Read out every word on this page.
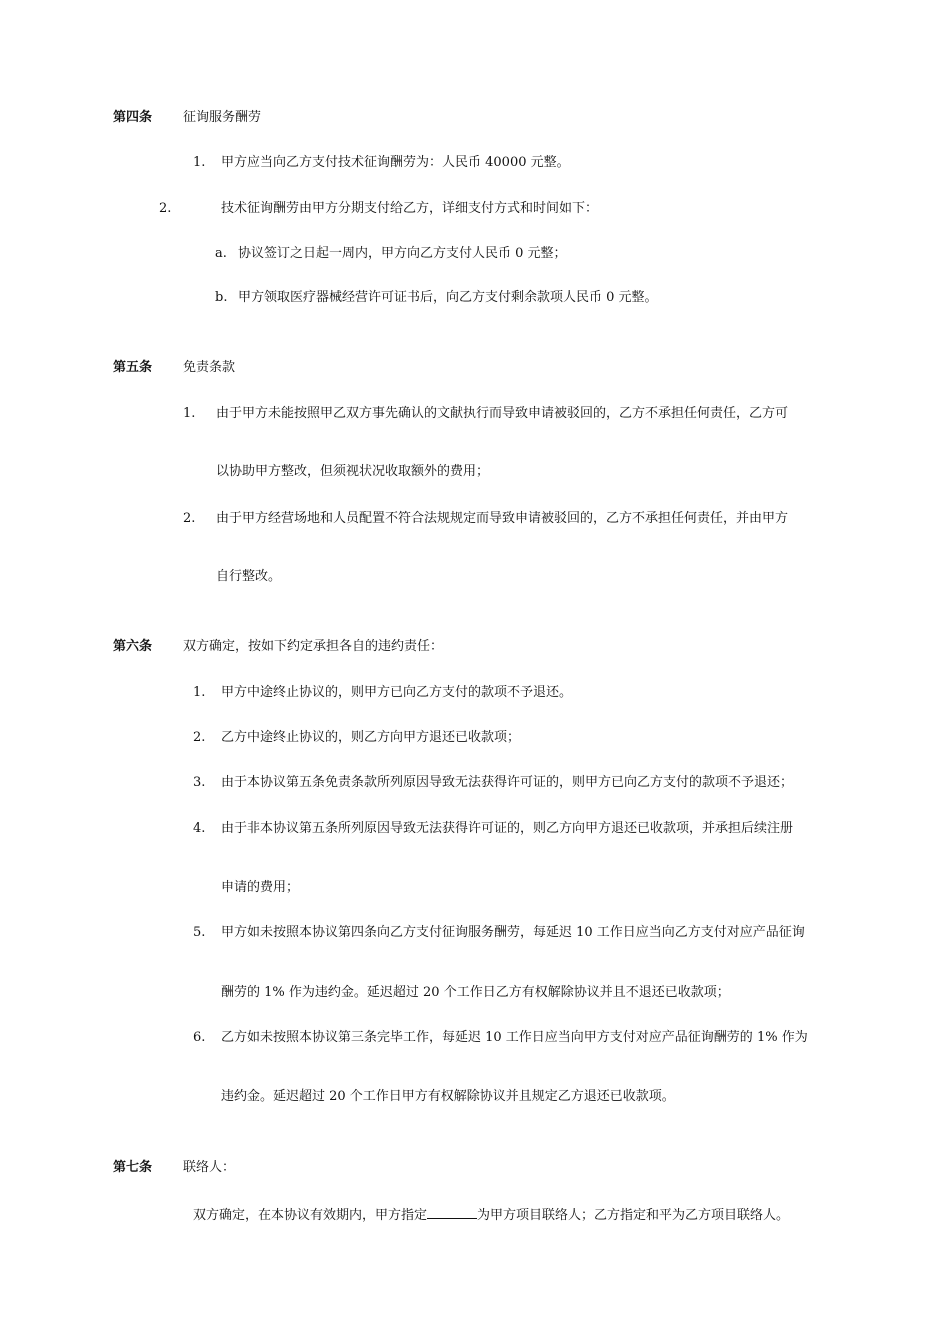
第四条 征询服务酬劳
1. 甲方应当向乙方支付技术征询酬劳为：人民币 40000 元整。
2.	技术征询酬劳由甲方分期支付给乙方，详细支付方式和时间如下：
a. 协议签订之日起一周内，甲方向乙方支付人民币 0 元整；
b. 甲方领取医疗器械经营许可证书后，向乙方支付剩余款项人民币 0 元整。
第五条 免责条款
1. 由于甲方未能按照甲乙双方事先确认的文献执行而导致申请被驳回的，乙方不承担任何责任，乙方可
以协助甲方整改，但须视状况收取额外的费用；
2. 由于甲方经营场地和人员配置不符合法规规定而导致申请被驳回的，乙方不承担任何责任，并由甲方
自行整改。
第六条 双方确定，按如下约定承担各自的违约责任：
1. 甲方中途终止协议的，则甲方已向乙方支付的款项不予退还。
2. 乙方中途终止协议的，则乙方向甲方退还已收款项；
3. 由于本协议第五条免责条款所列原因导致无法获得许可证的，则甲方已向乙方支付的款项不予退还；
4. 由于非本协议第五条所列原因导致无法获得许可证的，则乙方向甲方退还已收款项，并承担后续注册
申请的费用；
5. 甲方如未按照本协议第四条向乙方支付征询服务酬劳，每延迟 10 工作日应当向乙方支付对应产品征询
酬劳的 1% 作为违约金。延迟超过 20 个工作日乙方有权解除协议并且不退还已收款项；
6. 乙方如未按照本协议第三条完毕工作，每延迟 10 工作日应当向甲方支付对应产品征询酬劳的 1% 作为
违约金。延迟超过 20 个工作日甲方有权解除协议并且规定乙方退还已收款项。
第七条 联络人：
双方确定，在本协议有效期内，甲方指定	为甲方项目联络人；乙方指定和平为乙方项目联络人。
